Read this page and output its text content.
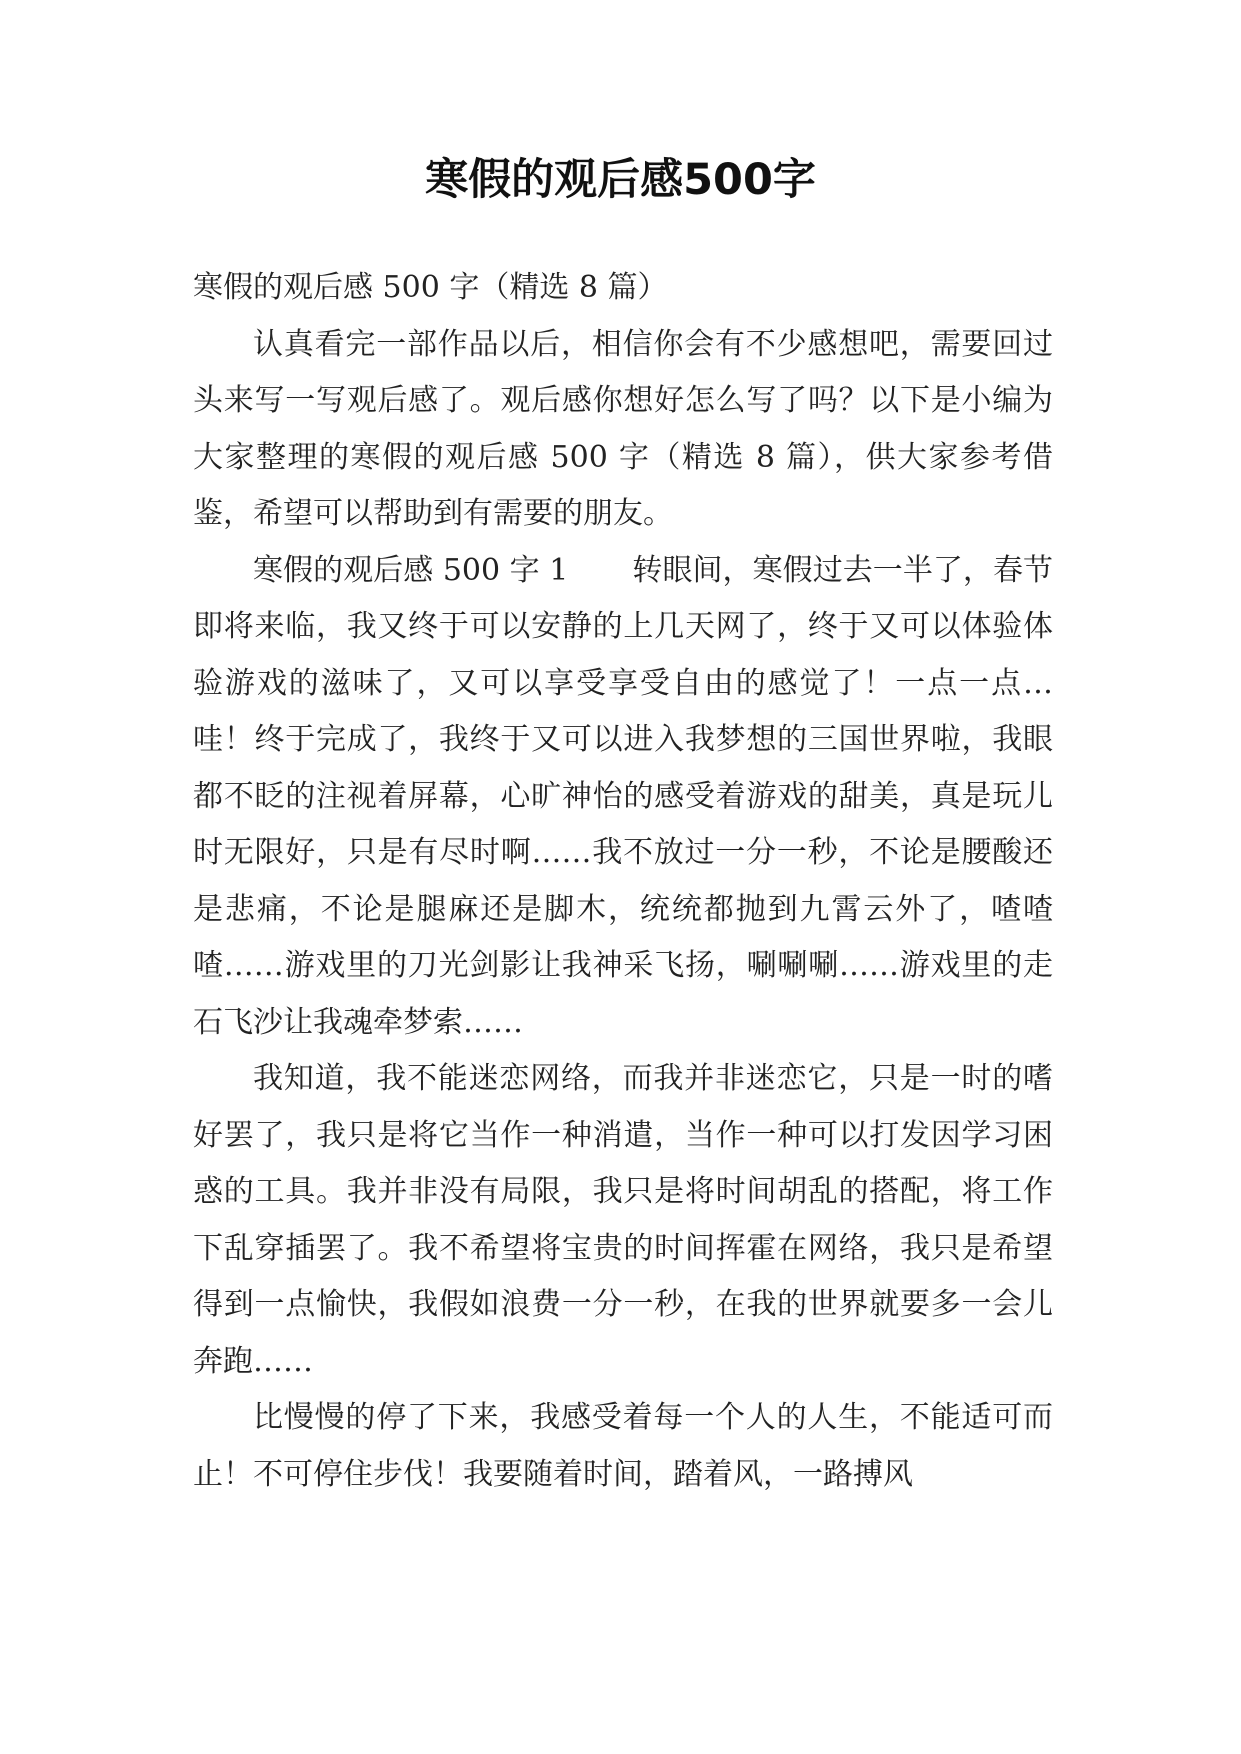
寒假的观后感500字

寒假的观后感 500 字（精选 8 篇）

认真看完一部作品以后，相信你会有不少感想吧，需要回过头来写一写观后感了。观后感你想好怎么写了吗？以下是小编为大家整理的寒假的观后感 500 字（精选 8 篇），供大家参考借鉴，希望可以帮助到有需要的朋友。

寒假的观后感 500 字 1 转眼间，寒假过去一半了，春节即将来临，我又终于可以安静的上几天网了，终于又可以体验体验游戏的滋味了，又可以享受享受自由的感觉了！一点一点…哇！终于完成了，我终于又可以进入我梦想的三国世界啦，我眼都不眨的注视着屏幕，心旷神怡的感受着游戏的甜美，真是玩儿时无限好，只是有尽时啊……我不放过一分一秒，不论是腰酸还是悲痛，不论是腿麻还是脚木，统统都抛到九霄云外了，喳喳喳……游戏里的刀光剑影让我神采飞扬，唰唰唰……游戏里的走石飞沙让我魂牵梦索……

我知道，我不能迷恋网络，而我并非迷恋它，只是一时的嗜好罢了，我只是将它当作一种消遣，当作一种可以打发因学习困惑的工具。我并非没有局限，我只是将时间胡乱的搭配，将工作下乱穿插罢了。我不希望将宝贵的时间挥霍在网络，我只是希望得到一点愉快，我假如浪费一分一秒，在我的世界就要多一会儿奔跑……

比慢慢的停了下来，我感受着每一个人的人生，不能适可而止！不可停住步伐！我要随着时间，踏着风，一路搏风
